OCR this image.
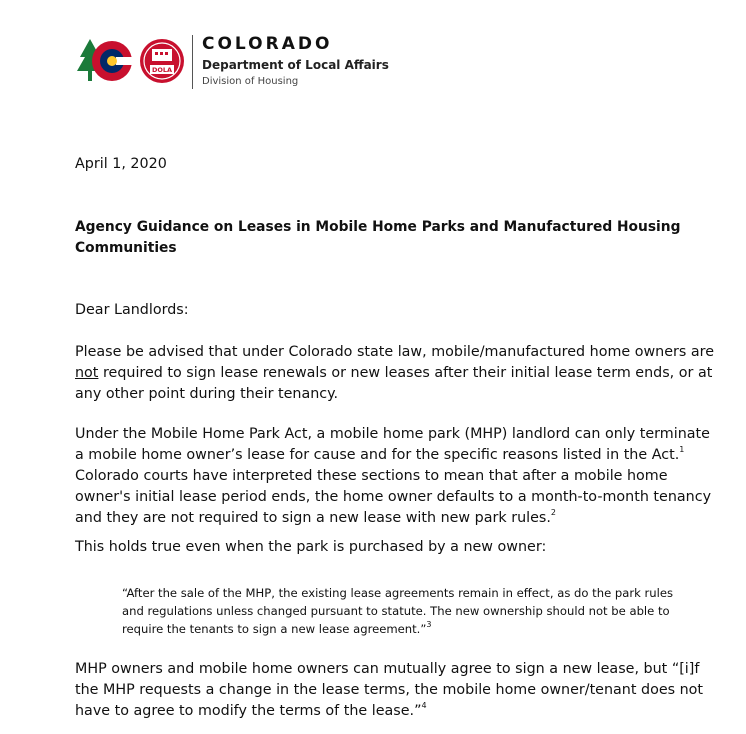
DOLA
COLORADO
Department of Local Affairs
Division of Housing

April 1, 2020

Agency Guidance on Leases in Mobile Home Parks and Manufactured Housing Communities

Dear Landlords:

Please be advised that under Colorado state law, mobile/manufactured home owners are
not required to sign lease renewals or new leases after their initial lease term ends, or at any other point during their tenancy.

Under the Mobile Home Park Act, a mobile home park (MHP) landlord can only terminate a mobile home owner’s lease for cause and for the specific reasons listed in the Act.$^1$ Colorado courts have interpreted these sections to mean that after a mobile home owner's initial lease period ends, the home owner defaults to a month-to-month tenancy and they are not required to sign a new lease with new park rules.$^2$

This holds true even when the park is purchased by a new owner:

“After the sale of the MHP, the existing lease agreements remain in effect, as do the park rules and regulations unless changed pursuant to statute. The new ownership should not be able to require the tenants to sign a new lease agreement.”$^3$

MHP owners and mobile home owners can mutually agree to sign a new lease, but “[i]f the MHP requests a change in the lease terms, the mobile home owner/tenant does not have to agree to modify the terms of the lease.”$^4$
